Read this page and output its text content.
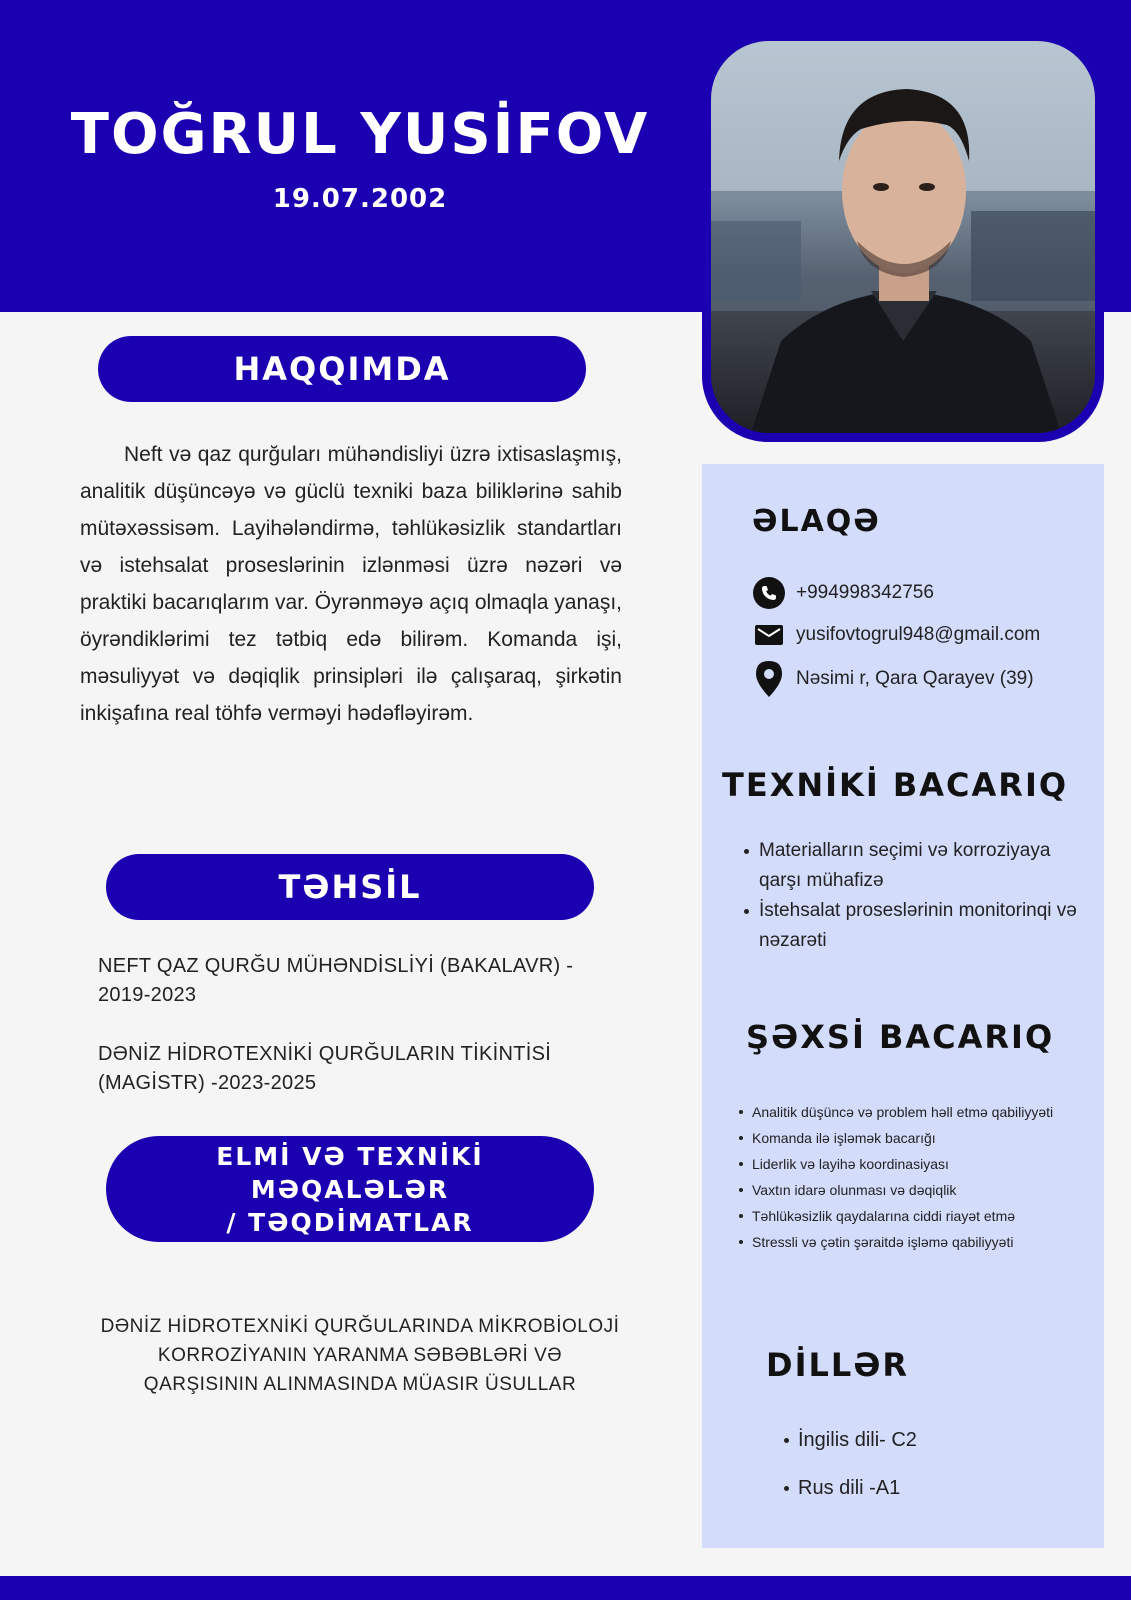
TOĞRUL YUSİFOV
19.07.2002
HAQQIMDA
Neft və qaz qurğuları mühəndisliyi üzrə ixtisaslaşmış, analitik düşüncəyə və güclü texniki baza biliklərinə sahib mütəxəssisəm. Layihələndirmə, təhlükəsizlik standartları və istehsalat proseslərinin izlənməsi üzrə nəzəri və praktiki bacarıqlarım var. Öyrənməyə açıq olmaqla yanaşı, öyrəndiklərimi tez tətbiq edə bilirəm. Komanda işi, məsuliyyət və dəqiqlik prinsipləri ilə çalışaraq, şirkətin inkişafına real töhfə verməyi hədəfləyirəm.
TƏHSİL
NEFT QAZ QURĞU MÜHƏNDİSLİYİ (BAKALAVR) - 2019-2023
DƏNİZ HİDROTEXNİKİ QURĞULARIN TİKİNTİSİ (MAGİSTR) -2023-2025
ELMİ VƏ TEXNİKİ MƏQALƏLƏR
/ TƏQDİMATLAR
DƏNİZ HİDROTEXNİKİ QURĞULARINDA MİKROBİOLOJİ KORROZİYANIN YARANMA SƏBƏBLƏRİ VƏ QARŞISININ ALINMASINDA MÜASIR ÜSULLAR
ƏLAQƏ
+994998342756
yusifovtogrul948@gmail.com
Nəsimi r, Qara Qarayev (39)
TEXNİKİ BACARIQ
Materialların seçimi və korroziyaya qarşı mühafizə
İstehsalat proseslərinin monitorinqi və nəzarəti
ŞƏXSİ BACARIQ
Analitik düşüncə və problem həll etmə qabiliyyəti
Komanda ilə işləmək bacarığı
Liderlik və layihə koordinasiyası
Vaxtın idarə olunması və dəqiqlik
Təhlükəsizlik qaydalarına ciddi riayət etmə
Stressli və çətin şəraitdə işləmə qabiliyyəti
DİLLƏR
İngilis dili- C2
Rus dili -A1
